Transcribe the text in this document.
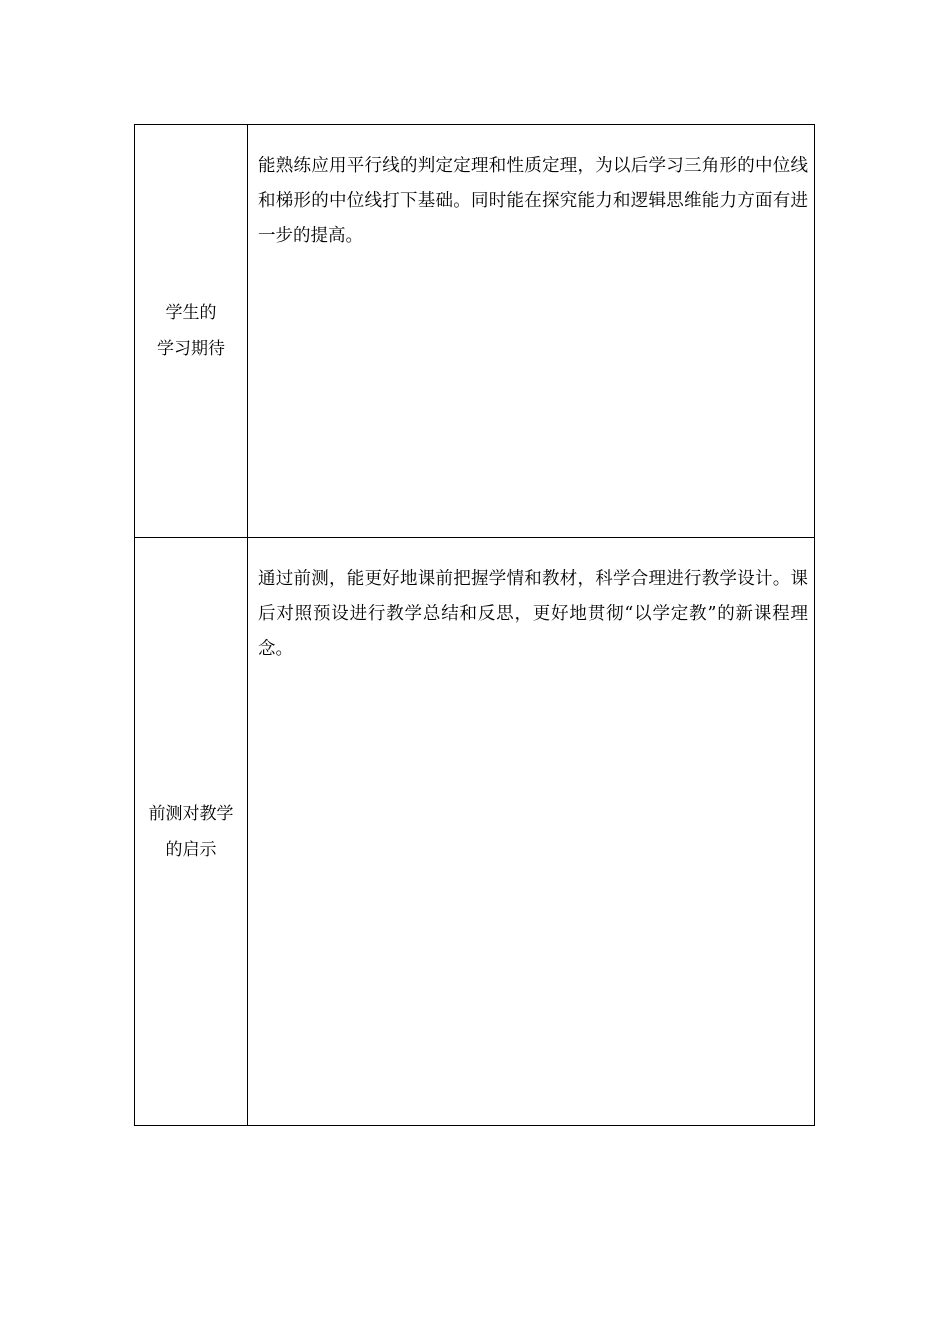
学生的
学习期待	能熟练应用平行线的判定定理和性质定理，为以后学习三角形的中位线和梯形的中位线打下基础。同时能在探究能力和逻辑思维能力方面有进一步的提高。

前测对教学
的启示	通过前测，能更好地课前把握学情和教材，科学合理进行教学设计。课后对照预设进行教学总结和反思，更好地贯彻“以学定教”的新课程理念。
